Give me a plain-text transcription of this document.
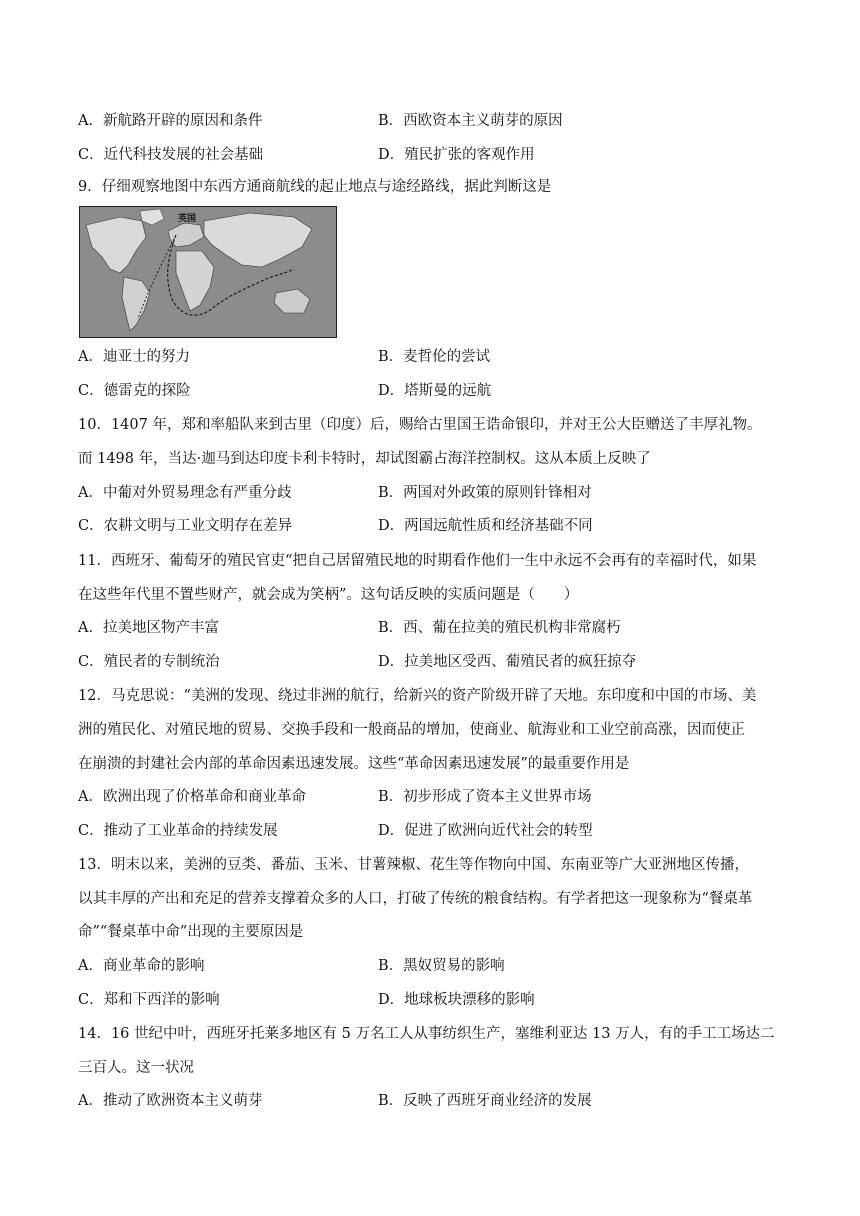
A．新航路开辟的原因和条件	B．西欧资本主义萌芽的原因
C．近代科技发展的社会基础	D．殖民扩张的客观作用
9．仔细观察地图中东西方通商航线的起止地点与途经路线，据此判断这是
英国
A．迪亚士的努力	B．麦哲伦的尝试
C．德雷克的探险	D．塔斯曼的远航
10．1407 年，郑和率船队来到古里（印度）后，赐给古里国王诰命银印，并对王公大臣赠送了丰厚礼物。
而 1498 年，当达·迦马到达印度卡利卡特时，却试图霸占海洋控制权。这从本质上反映了
A．中葡对外贸易理念有严重分歧	B．两国对外政策的原则针锋相对
C．农耕文明与工业文明存在差异	D．两国远航性质和经济基础不同
11．西班牙、葡萄牙的殖民官吏“把自己居留殖民地的时期看作他们一生中永远不会再有的幸福时代，如果
在这些年代里不置些财产，就会成为笑柄”。这句话反映的实质问题是（　　）
A．拉美地区物产丰富	B．西、葡在拉美的殖民机构非常腐朽
C．殖民者的专制统治	D．拉美地区受西、葡殖民者的疯狂掠夺
12．马克思说：“美洲的发现、绕过非洲的航行，给新兴的资产阶级开辟了天地。东印度和中国的市场、美
洲的殖民化、对殖民地的贸易、交换手段和一般商品的增加，使商业、航海业和工业空前高涨，因而使正
在崩溃的封建社会内部的革命因素迅速发展。这些“革命因素迅速发展”的最重要作用是
A．欧洲出现了价格革命和商业革命	B．初步形成了资本主义世界市场
C．推动了工业革命的持续发展	D．促进了欧洲向近代社会的转型
13．明末以来，美洲的豆类、番茄、玉米、甘薯辣椒、花生等作物向中国、东南亚等广大亚洲地区传播，
以其丰厚的产出和充足的营养支撑着众多的人口，打破了传统的粮食结构。有学者把这一现象称为“餐桌革
命”“餐桌革中命”出现的主要原因是
A．商业革命的影响	B．黑奴贸易的影响
C．郑和下西洋的影响	D．地球板块漂移的影响
14．16 世纪中叶，西班牙托莱多地区有 5 万名工人从事纺织生产，塞维利亚达 13 万人，有的手工工场达二
三百人。这一状况
A．推动了欧洲资本主义萌芽	B．反映了西班牙商业经济的发展
